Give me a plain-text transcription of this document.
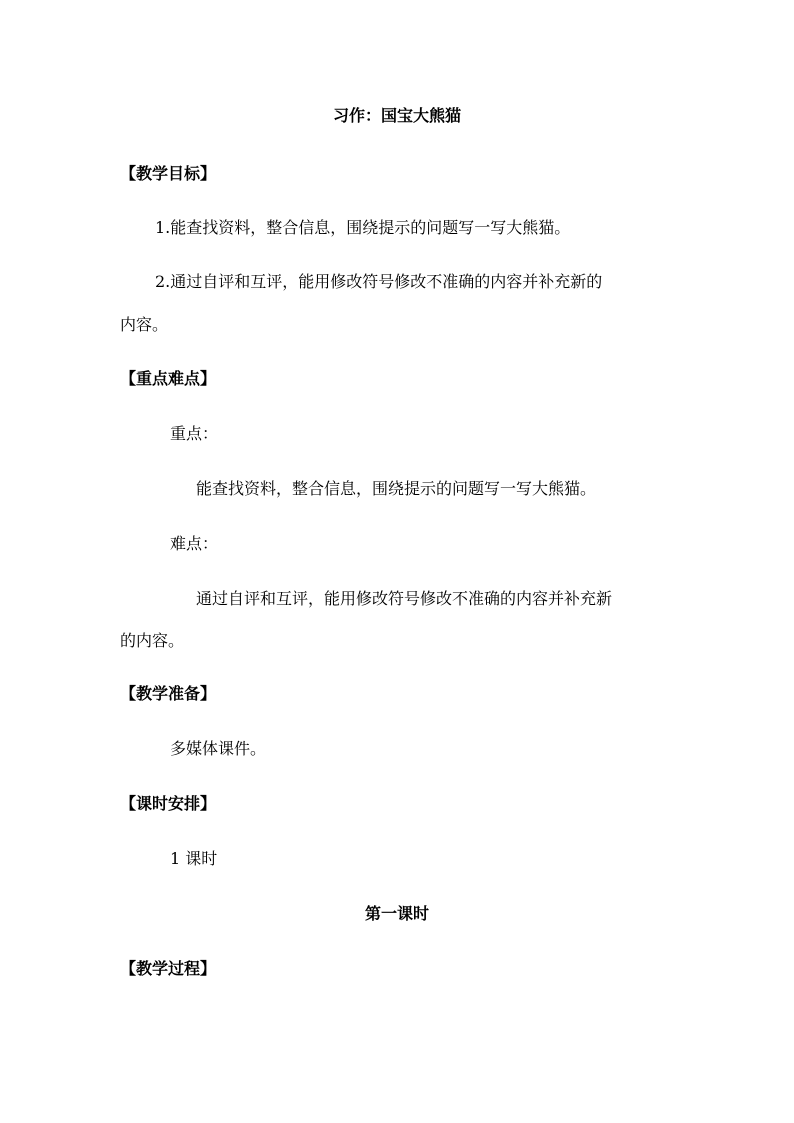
习作：国宝大熊猫
【教学目标】
1.能查找资料，整合信息，围绕提示的问题写一写大熊猫。
2.通过自评和互评，能用修改符号修改不准确的内容并补充新的
内容。
【重点难点】
重点：
能查找资料，整合信息，围绕提示的问题写一写大熊猫。
难点：
通过自评和互评，能用修改符号修改不准确的内容并补充新
的内容。
【教学准备】
多媒体课件。
【课时安排】
1 课时
第一课时
【教学过程】
